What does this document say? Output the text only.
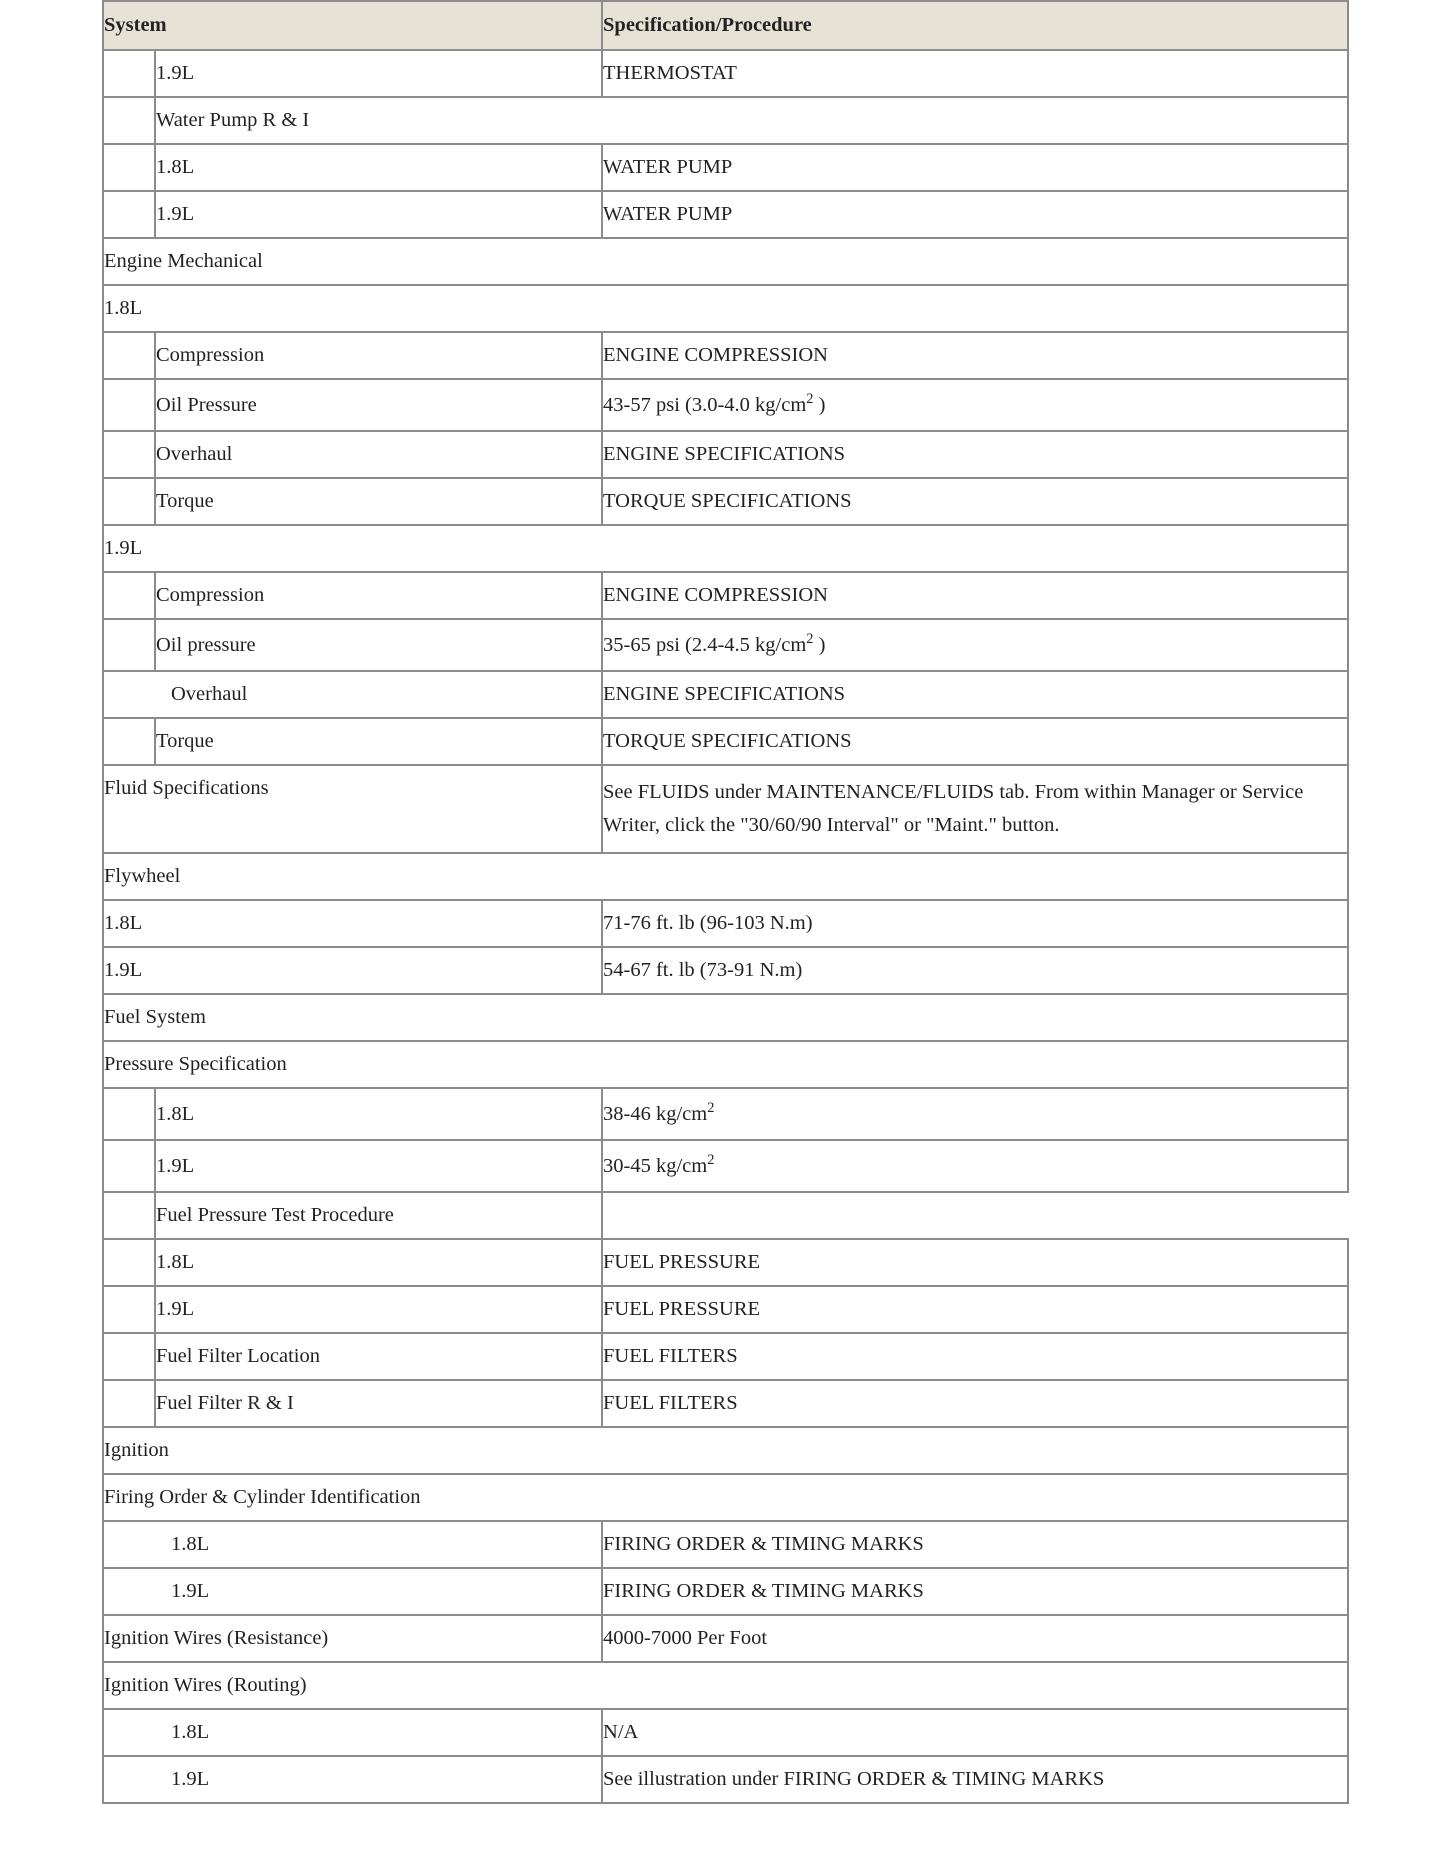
System		Specification/Procedure
	1.9L	THERMOSTAT
	Water Pump R & I	
	1.8L	WATER PUMP
	1.9L	WATER PUMP
Engine Mechanical		
1.8L		
	Compression	ENGINE COMPRESSION
	Oil Pressure	43-57 psi (3.0-4.0 $kg/cm^2$ )
	Overhaul	ENGINE SPECIFICATIONS
	Torque	TORQUE SPECIFICATIONS
1.9L		
	Compression	ENGINE COMPRESSION
	Oil pressure	35-65 psi (2.4-4.5 $kg/cm^2$ )
Overhaul		ENGINE SPECIFICATIONS
	Torque	TORQUE SPECIFICATIONS
Fluid Specifications		See FLUIDS under MAINTENANCE/FLUIDS tab. From within Manager or Service Writer, click the "30/60/90 Interval" or "Maint." button.
Flywheel		
1.8L		71-76 ft. lb (96-103 N.m)
1.9L		54-67 ft. lb (73-91 N.m)
Fuel System		
Pressure Specification		
	1.8L	38-46 $kg/cm^2$
	1.9L	30-45 $kg/cm^2$
	Fuel Pressure Test Procedure	
	1.8L	FUEL PRESSURE
	1.9L	FUEL PRESSURE
	Fuel Filter Location	FUEL FILTERS
	Fuel Filter R & I	FUEL FILTERS
Ignition		
Firing Order & Cylinder Identification		
1.8L		FIRING ORDER & TIMING MARKS
1.9L		FIRING ORDER & TIMING MARKS
Ignition Wires (Resistance)		4000-7000 Per Foot
Ignition Wires (Routing)		
1.8L		N/A
1.9L		See illustration under FIRING ORDER & TIMING MARKS
